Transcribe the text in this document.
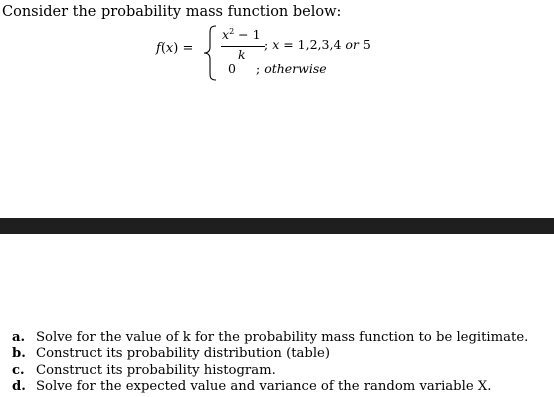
Consider the probability mass function below:
f(x) =
$x^2 - 1$
k
; x = 1,2,3,4 or 5
0 ; otherwise
a. Solve for the value of k for the probability mass function to be legitimate.
b. Construct its probability distribution (table)
c. Construct its probability histogram.
d. Solve for the expected value and variance of the random variable X.
